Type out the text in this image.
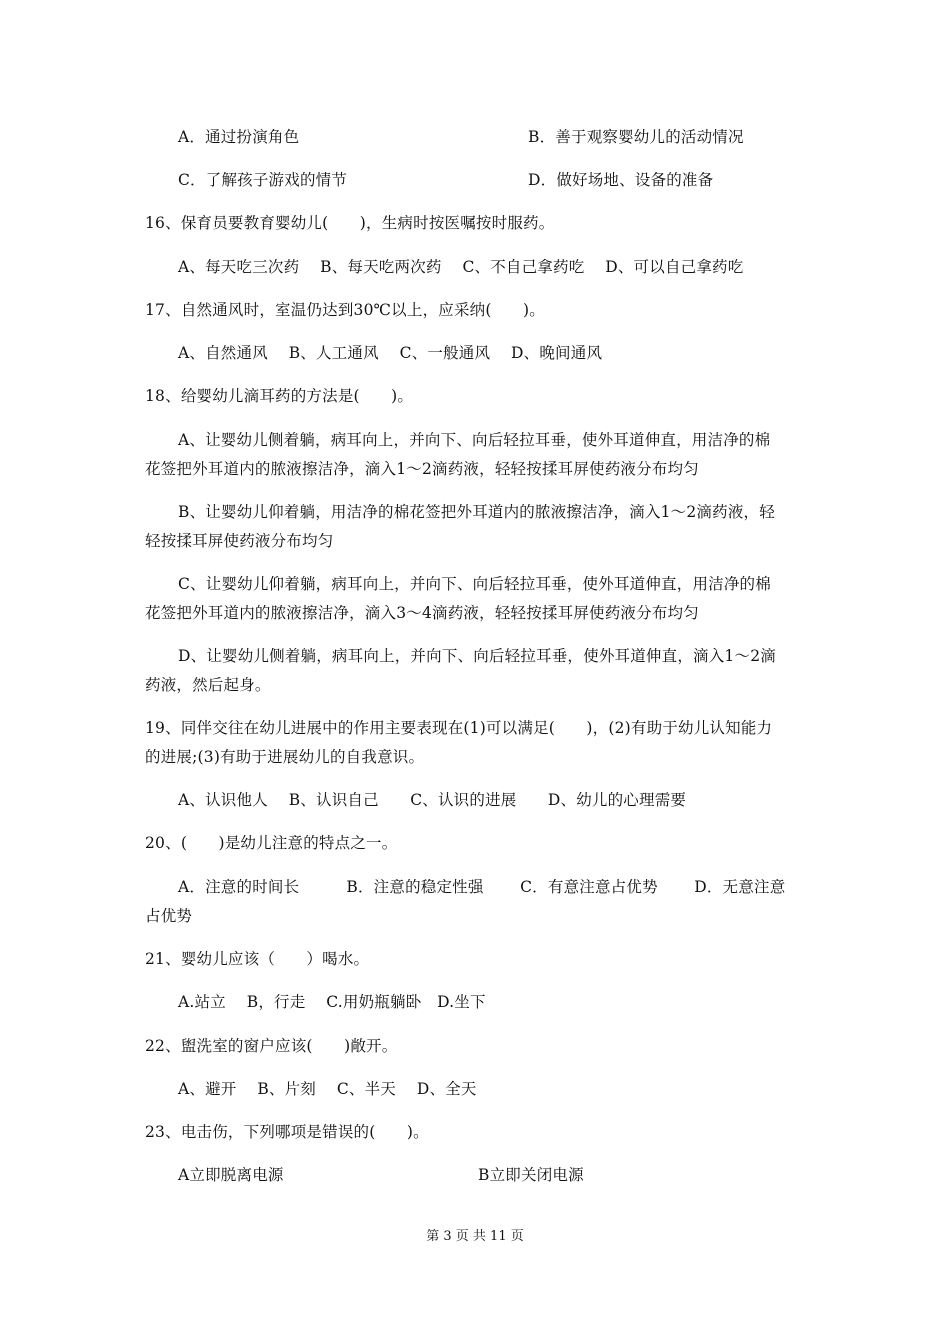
A．通过扮演角色	B．善于观察婴幼儿的活动情况
C．了解孩子游戏的情节	D．做好场地、设备的准备
16、保育员要教育婴幼儿(　　)，生病时按医嘱按时服药。
A、每天吃三次药　 B、每天吃两次药　 C、不自己拿药吃　 D、可以自己拿药吃
17、自然通风时，室温仍达到30℃以上，应采纳(　　)。
A、自然通风　 B、人工通风　 C、一般通风　 D、晚间通风
18、给婴幼儿滴耳药的方法是(　　)。
A、让婴幼儿侧着躺，病耳向上，并向下、向后轻拉耳垂，使外耳道伸直，用洁净的棉
花签把外耳道内的脓液擦洁净，滴入1～2滴药液，轻轻按揉耳屏使药液分布均匀
B、让婴幼儿仰着躺，用洁净的棉花签把外耳道内的脓液擦洁净，滴入1～2滴药液，轻
轻按揉耳屏使药液分布均匀
C、让婴幼儿仰着躺，病耳向上，并向下、向后轻拉耳垂，使外耳道伸直，用洁净的棉
花签把外耳道内的脓液擦洁净，滴入3～4滴药液，轻轻按揉耳屏使药液分布均匀
D、让婴幼儿侧着躺，病耳向上，并向下、向后轻拉耳垂，使外耳道伸直，滴入1～2滴
药液，然后起身。
19、同伴交往在幼儿进展中的作用主要表现在(1)可以满足(　　)，(2)有助于幼儿认知能力
的进展;(3)有助于进展幼儿的自我意识。
A、认识他人　 B、认识自己　　C、认识的进展　　D、幼儿的心理需要
20、(　　)是幼儿注意的特点之一。
A．注意的时间长　　　B．注意的稳定性强　　 C．有意注意占优势　　 D．无意注意
占优势
21、婴幼儿应该（　　）喝水。
A.站立　 B，行走　 C.用奶瓶躺卧　D.坐下
22、盥洗室的窗户应该(　　)敞开。
A、避开　 B、片刻　 C、半天　 D、全天
23、电击伤，下列哪项是错误的(　　)。
A立即脱离电源	B立即关闭电源
第 3 页 共 11 页
